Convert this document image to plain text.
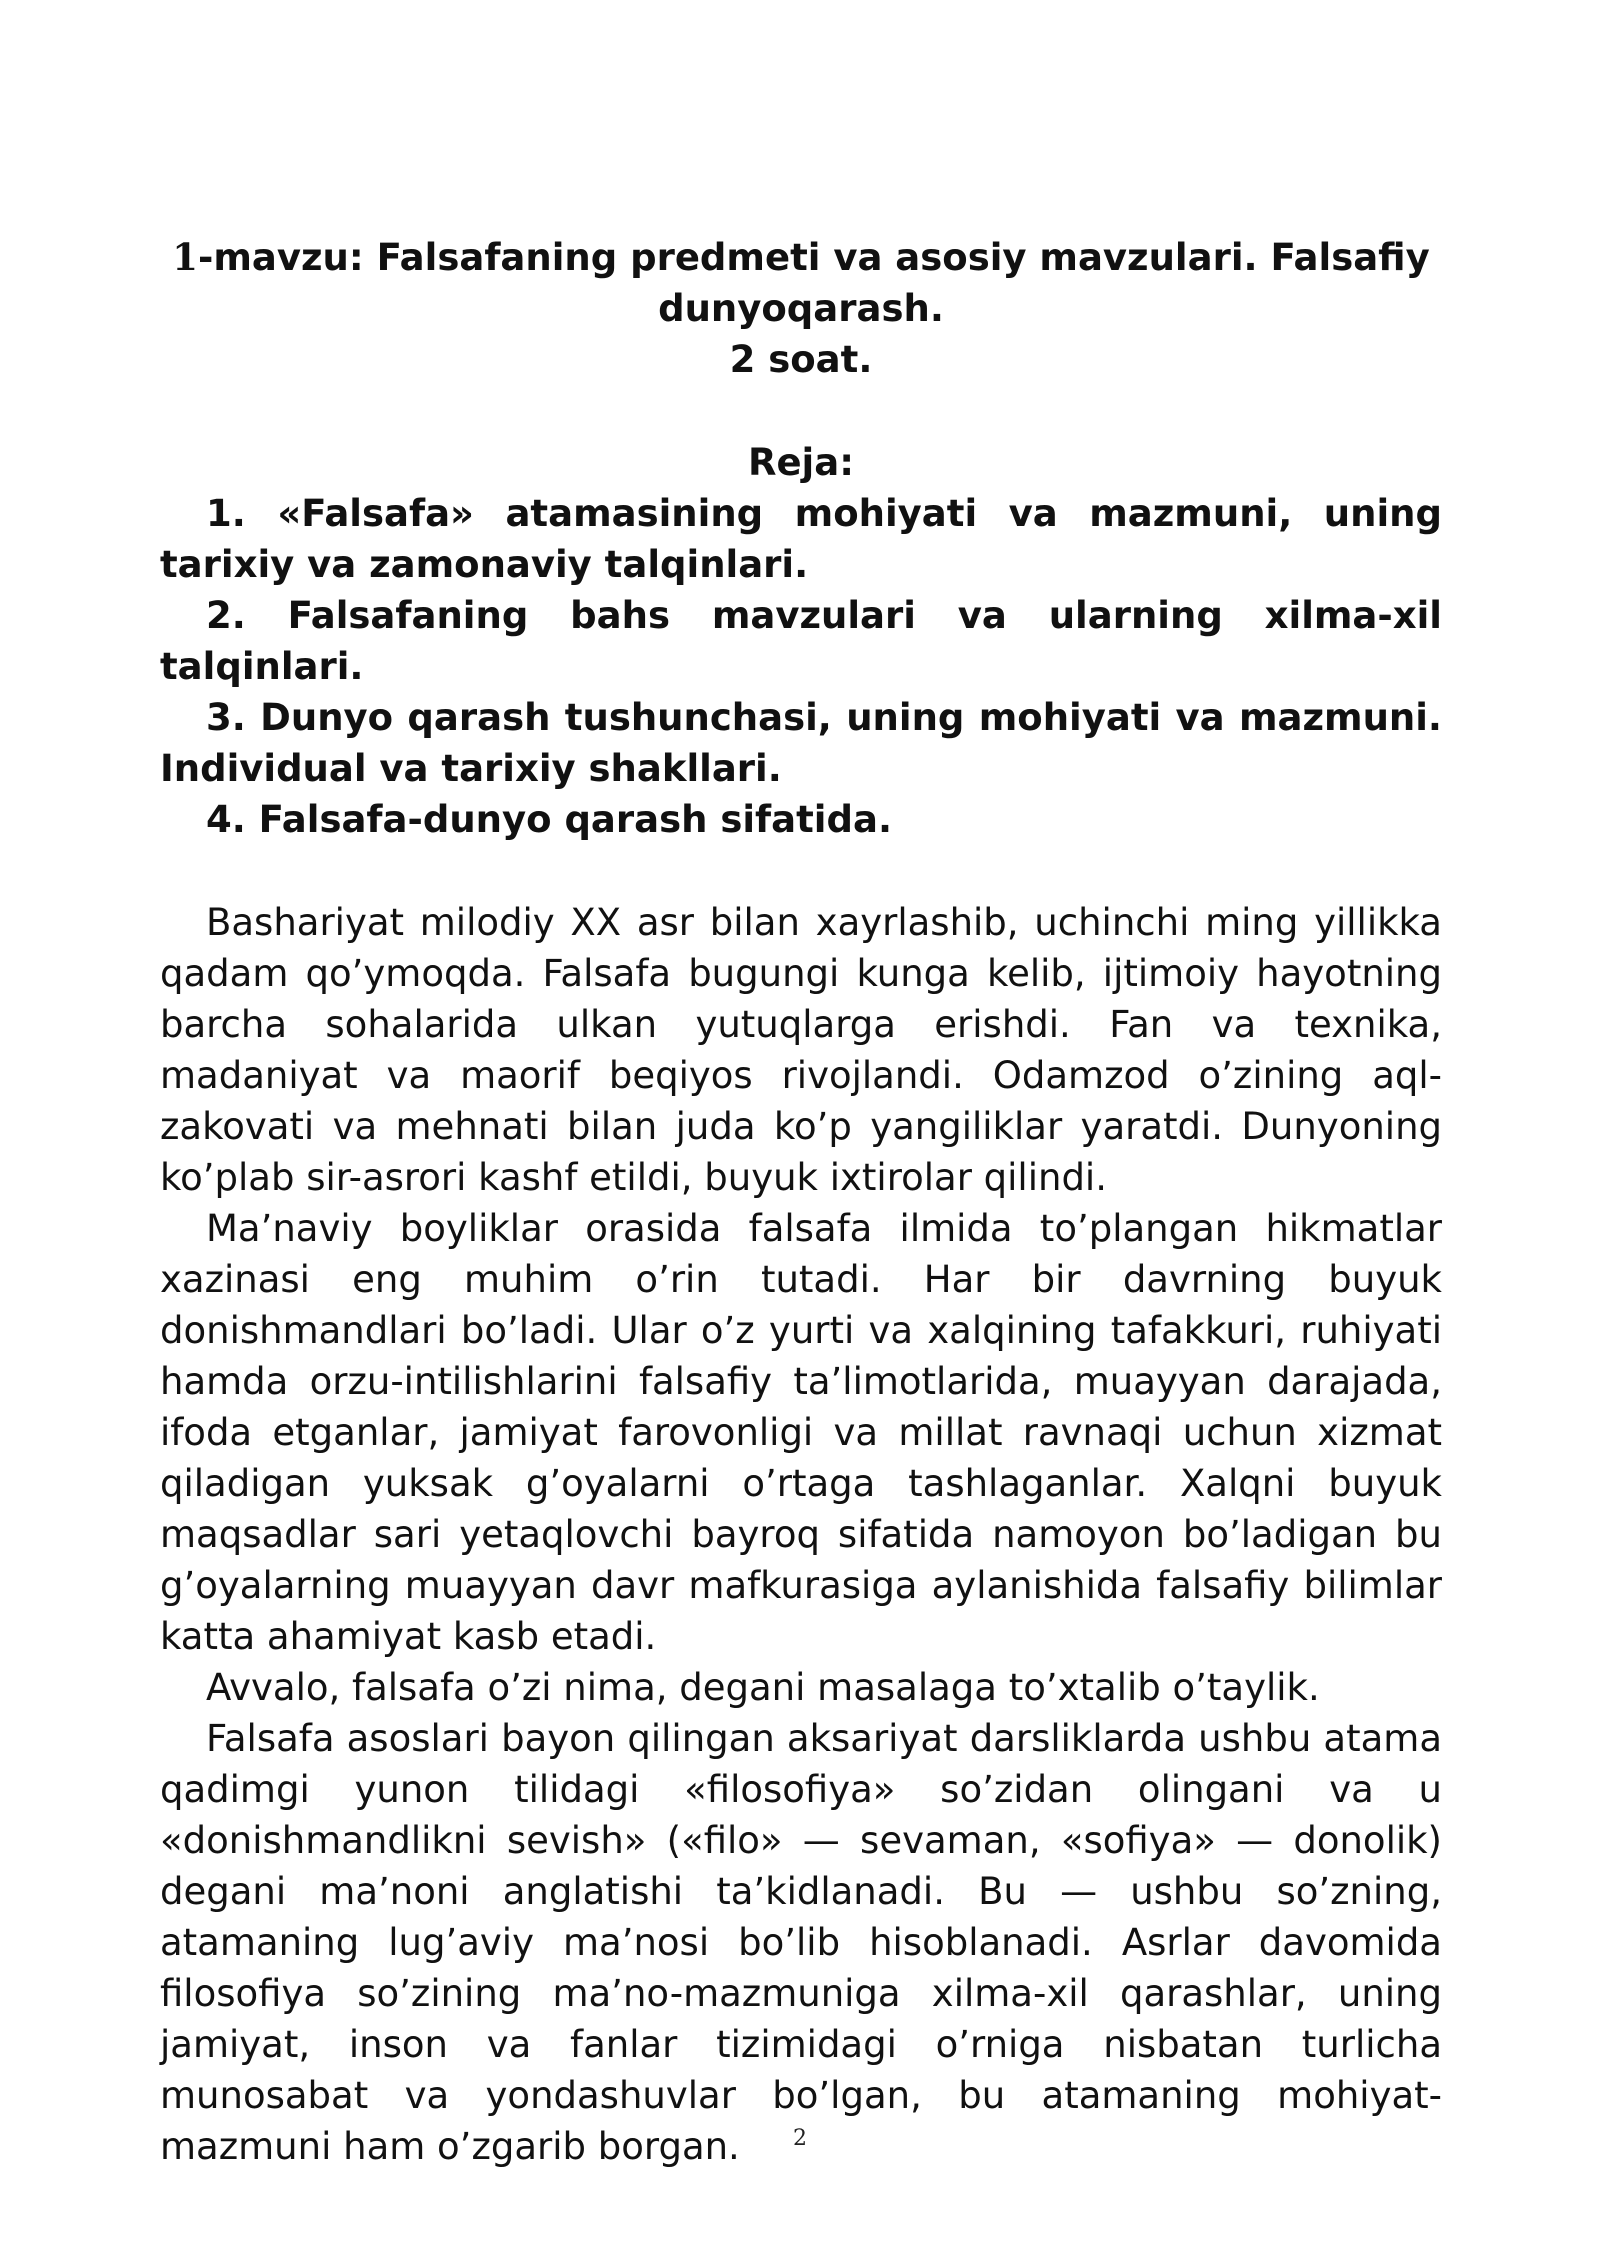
1-mavzu: Falsafaning predmeti va asosiy mavzulari. Falsafiy
dunyoqarash.
2 soat.
Reja:
1. «Falsafa» atamasining mohiyati va mazmuni, uning tarixiy va zamonaviy talqinlari.
2. Falsafaning bahs mavzulari va ularning xilma-xil talqinlari.
3. Dunyo qarash tushunchasi, uning mohiyati va mazmuni. Individual va tarixiy shakllari.
4. Falsafa-dunyo qarash sifatida.

Bashariyat milodiy XX asr bilan xayrlashib, uchinchi ming yillikka qadam qo’ymoqda. Falsafa bugungi kunga kelib, ijtimoiy hayotning barcha sohalarida ulkan yutuqlarga erishdi. Fan va texnika, madaniyat va maorif beqiyos rivojlandi. Odamzod o’zining aql-zakovati va mehnati bilan juda ko’p yangiliklar yaratdi. Dunyoning ko’plab sir-asrori kashf etildi, buyuk ixtirolar qilindi.

Ma’naviy boyliklar orasida falsafa ilmida to’plangan hikmatlar xazinasi eng muhim o’rin tutadi. Har bir davrning buyuk donishmandlari bo’ladi. Ular o’z yurti va xalqining tafakkuri, ruhiyati hamda orzu-intilishlarini falsafiy ta’limotlarida, muayyan darajada, ifoda etganlar, jamiyat farovonligi va millat ravnaqi uchun xizmat qiladigan yuksak g’oyalarni o’rtaga tashlaganlar. Xalqni buyuk maqsadlar sari yetaqlovchi bayroq sifatida namoyon bo’ladigan bu g’oyalarning muayyan davr mafkurasiga aylanishida falsafiy bilimlar katta ahamiyat kasb etadi.

Avvalo, falsafa o’zi nima, degani masalaga to’xtalib o’taylik.

Falsafa asoslari bayon qilingan aksariyat darsliklarda ushbu atama qadimgi yunon tilidagi «filosofiya» so’zidan olingani va u «donishmandlikni sevish» («filo» — sevaman, «sofiya» — donolik) degani ma’noni anglatishi ta’kidlanadi. Bu — ushbu so’zning, atamaning lug’aviy ma’nosi bo’lib hisoblanadi. Asrlar davomida filosofiya so’zining ma’no-mazmuniga xilma-xil qarashlar, uning jamiyat, inson va fanlar tizimidagi o’rniga nisbatan turlicha munosabat va yondashuvlar bo’lgan, bu atamaning mohiyat-mazmuni ham o’zgarib borgan.	2
